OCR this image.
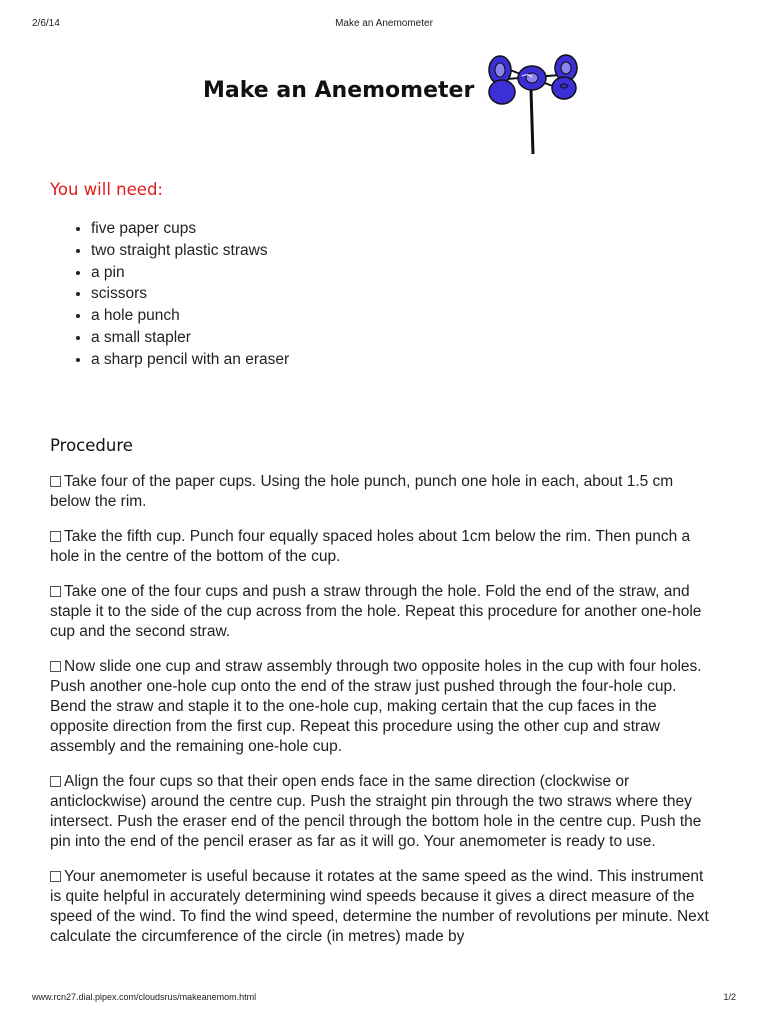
2/6/14	Make an Anemometer
Make an Anemometer
You will need:
• five paper cups
• two straight plastic straws
• a pin
• scissors
• a hole punch
• a small stapler
• a sharp pencil with an eraser
Procedure

Take four of the paper cups. Using the hole punch, punch one hole in each, about 1.5 cm below the rim.

Take the fifth cup. Punch four equally spaced holes about 1cm below the rim. Then punch a hole in the centre of the bottom of the cup.

Take one of the four cups and push a straw through the hole. Fold the end of the straw, and staple it to the side of the cup across from the hole. Repeat this procedure for another one-hole cup and the second straw.

Now slide one cup and straw assembly through two opposite holes in the cup with four holes. Push another one-hole cup onto the end of the straw just pushed through the four-hole cup. Bend the straw and staple it to the one-hole cup, making certain that the cup faces in the opposite direction from the first cup. Repeat this procedure using the other cup and straw assembly and the remaining one-hole cup.

Align the four cups so that their open ends face in the same direction (clockwise or anticlockwise) around the centre cup. Push the straight pin through the two straws where they intersect. Push the eraser end of the pencil through the bottom hole in the centre cup. Push the pin into the end of the pencil eraser as far as it will go. Your anemometer is ready to use.

Your anemometer is useful because it rotates at the same speed as the wind. This instrument is quite helpful in accurately determining wind speeds because it gives a direct measure of the speed of the wind. To find the wind speed, determine the number of revolutions per minute. Next calculate the circumference of the circle (in metres) made by

www.rcn27.dial.pipex.com/cloudsrus/makeanemom.html	1/2
